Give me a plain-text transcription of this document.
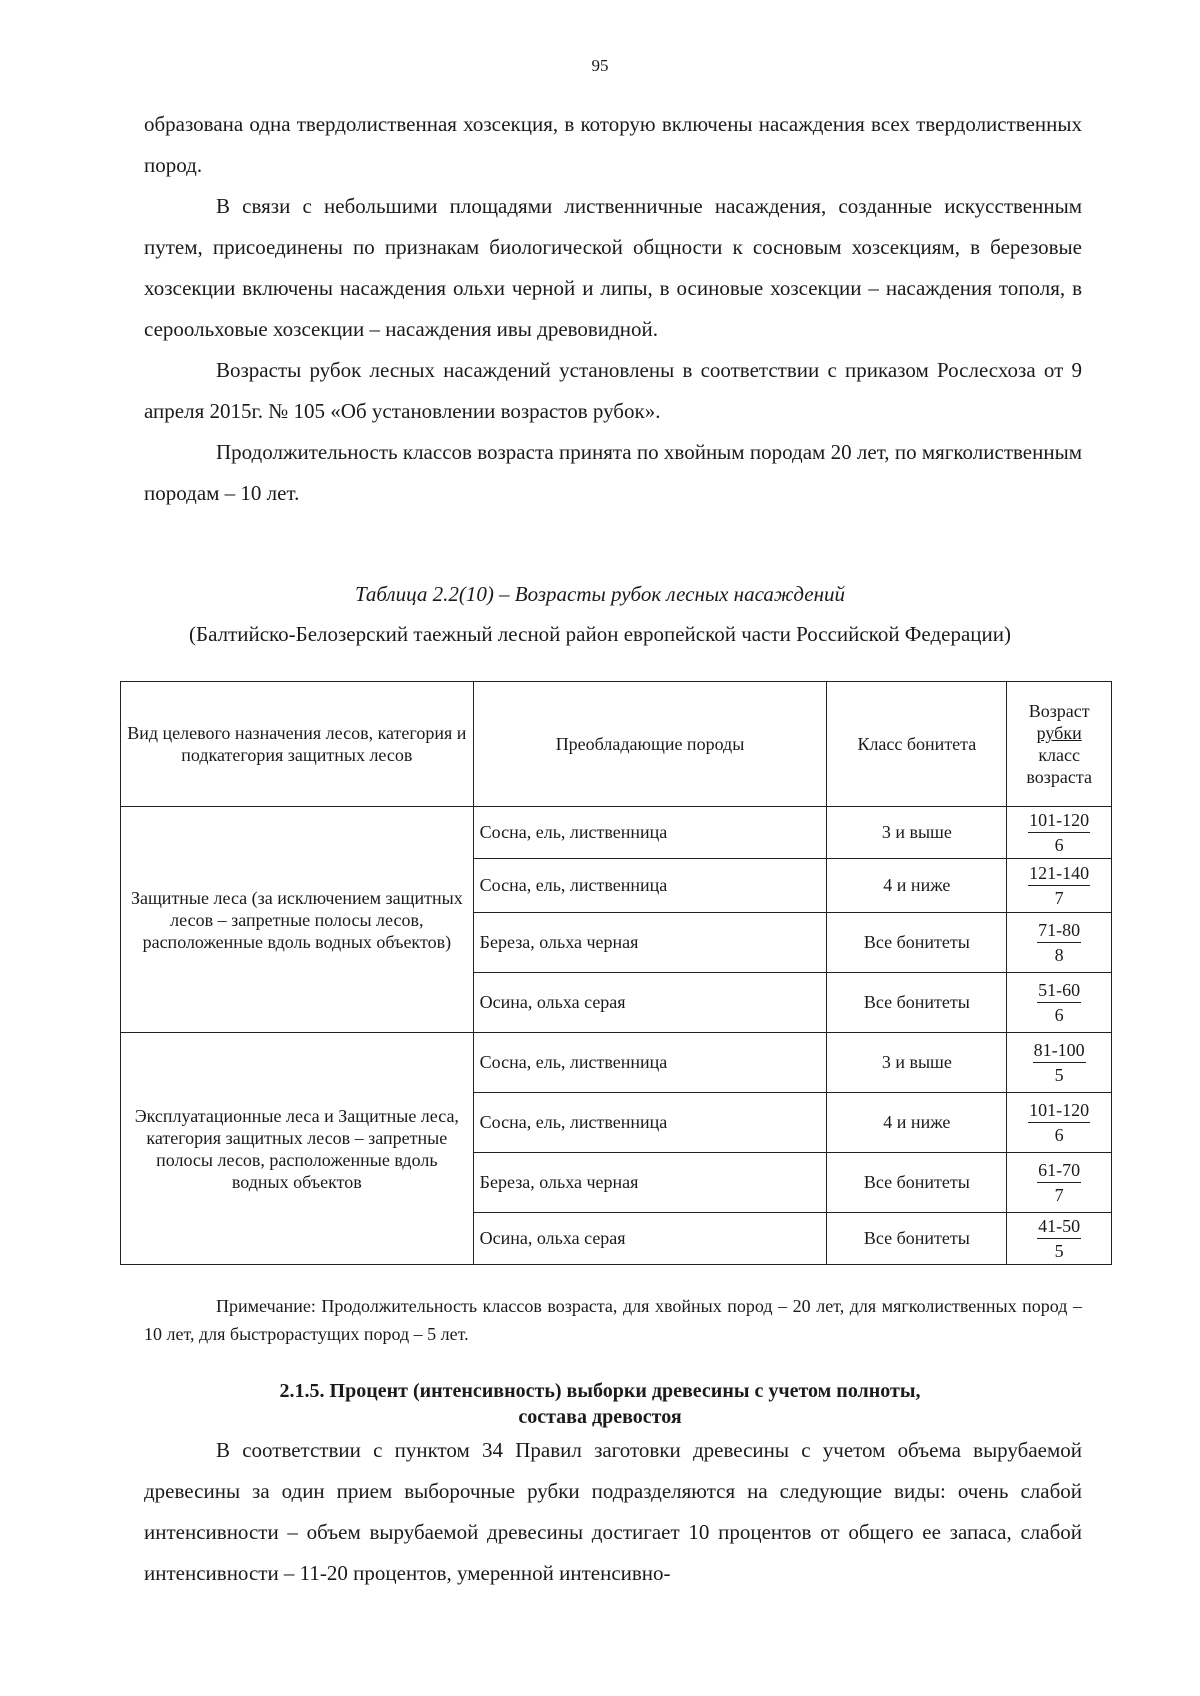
95

образована одна твердолиственная хозсекция, в которую включены насаждения всех твердолиственных пород.

В связи с небольшими площадями лиственничные насаждения, созданные искусственным путем, присоединены по признакам биологической общности к сосновым хозсекциям, в березовые хозсекции включены насаждения ольхи черной и липы, в осиновые хозсекции – насаждения тополя, в сероольховые хозсекции – насаждения ивы древовидной.

Возрасты рубок лесных насаждений установлены в соответствии с приказом Рослесхоза от 9 апреля 2015г. № 105 «Об установлении возрастов рубок».

Продолжительность классов возраста принята по хвойным породам 20 лет, по мягколиственным породам – 10 лет.

Таблица 2.2(10) – Возрасты рубок лесных насаждений
(Балтийско-Белозерский таежный лесной район европейской части Российской Федерации)
Вид целевого назначения лесов, категория и подкатегория защитных лесов	Преобладающие породы	Класс бонитета	Возраст
рубки
класс возраста

Защитные леса (за исключением защитных лесов – запретные полосы лесов, расположенные вдоль водных объектов)	Сосна, ель, лиственница	3 и выше	101-120
6

	Сосна, ель, лиственница	4 и ниже	121-140
7

	Береза, ольха черная	Все бонитеты	71-80
8

	Осина, ольха серая	Все бонитеты	51-60
6

Эксплуатационные леса и Защитные леса, категория защитных лесов – запретные полосы лесов, расположенные вдоль водных объектов	Сосна, ель, лиственница	3 и выше	81-100
5

	Сосна, ель, лиственница	4 и ниже	101-120
6

	Береза, ольха черная	Все бонитеты	61-70
7

	Осина, ольха серая	Все бонитеты	41-50
5

Примечание: Продолжительность классов возраста, для хвойных пород – 20 лет, для мягколиственных пород – 10 лет, для быстрорастущих пород – 5 лет.

2.1.5. Процент (интенсивность) выборки древесины с учетом полноты,
состава древостоя

В соответствии с пунктом 34 Правил заготовки древесины с учетом объема вырубаемой древесины за один прием выборочные рубки подразделяются на следующие виды: очень слабой интенсивности – объем вырубаемой древесины достигает 10 процентов от общего ее запаса, слабой интенсивности – 11-20 процентов, умеренной интенсивно-
